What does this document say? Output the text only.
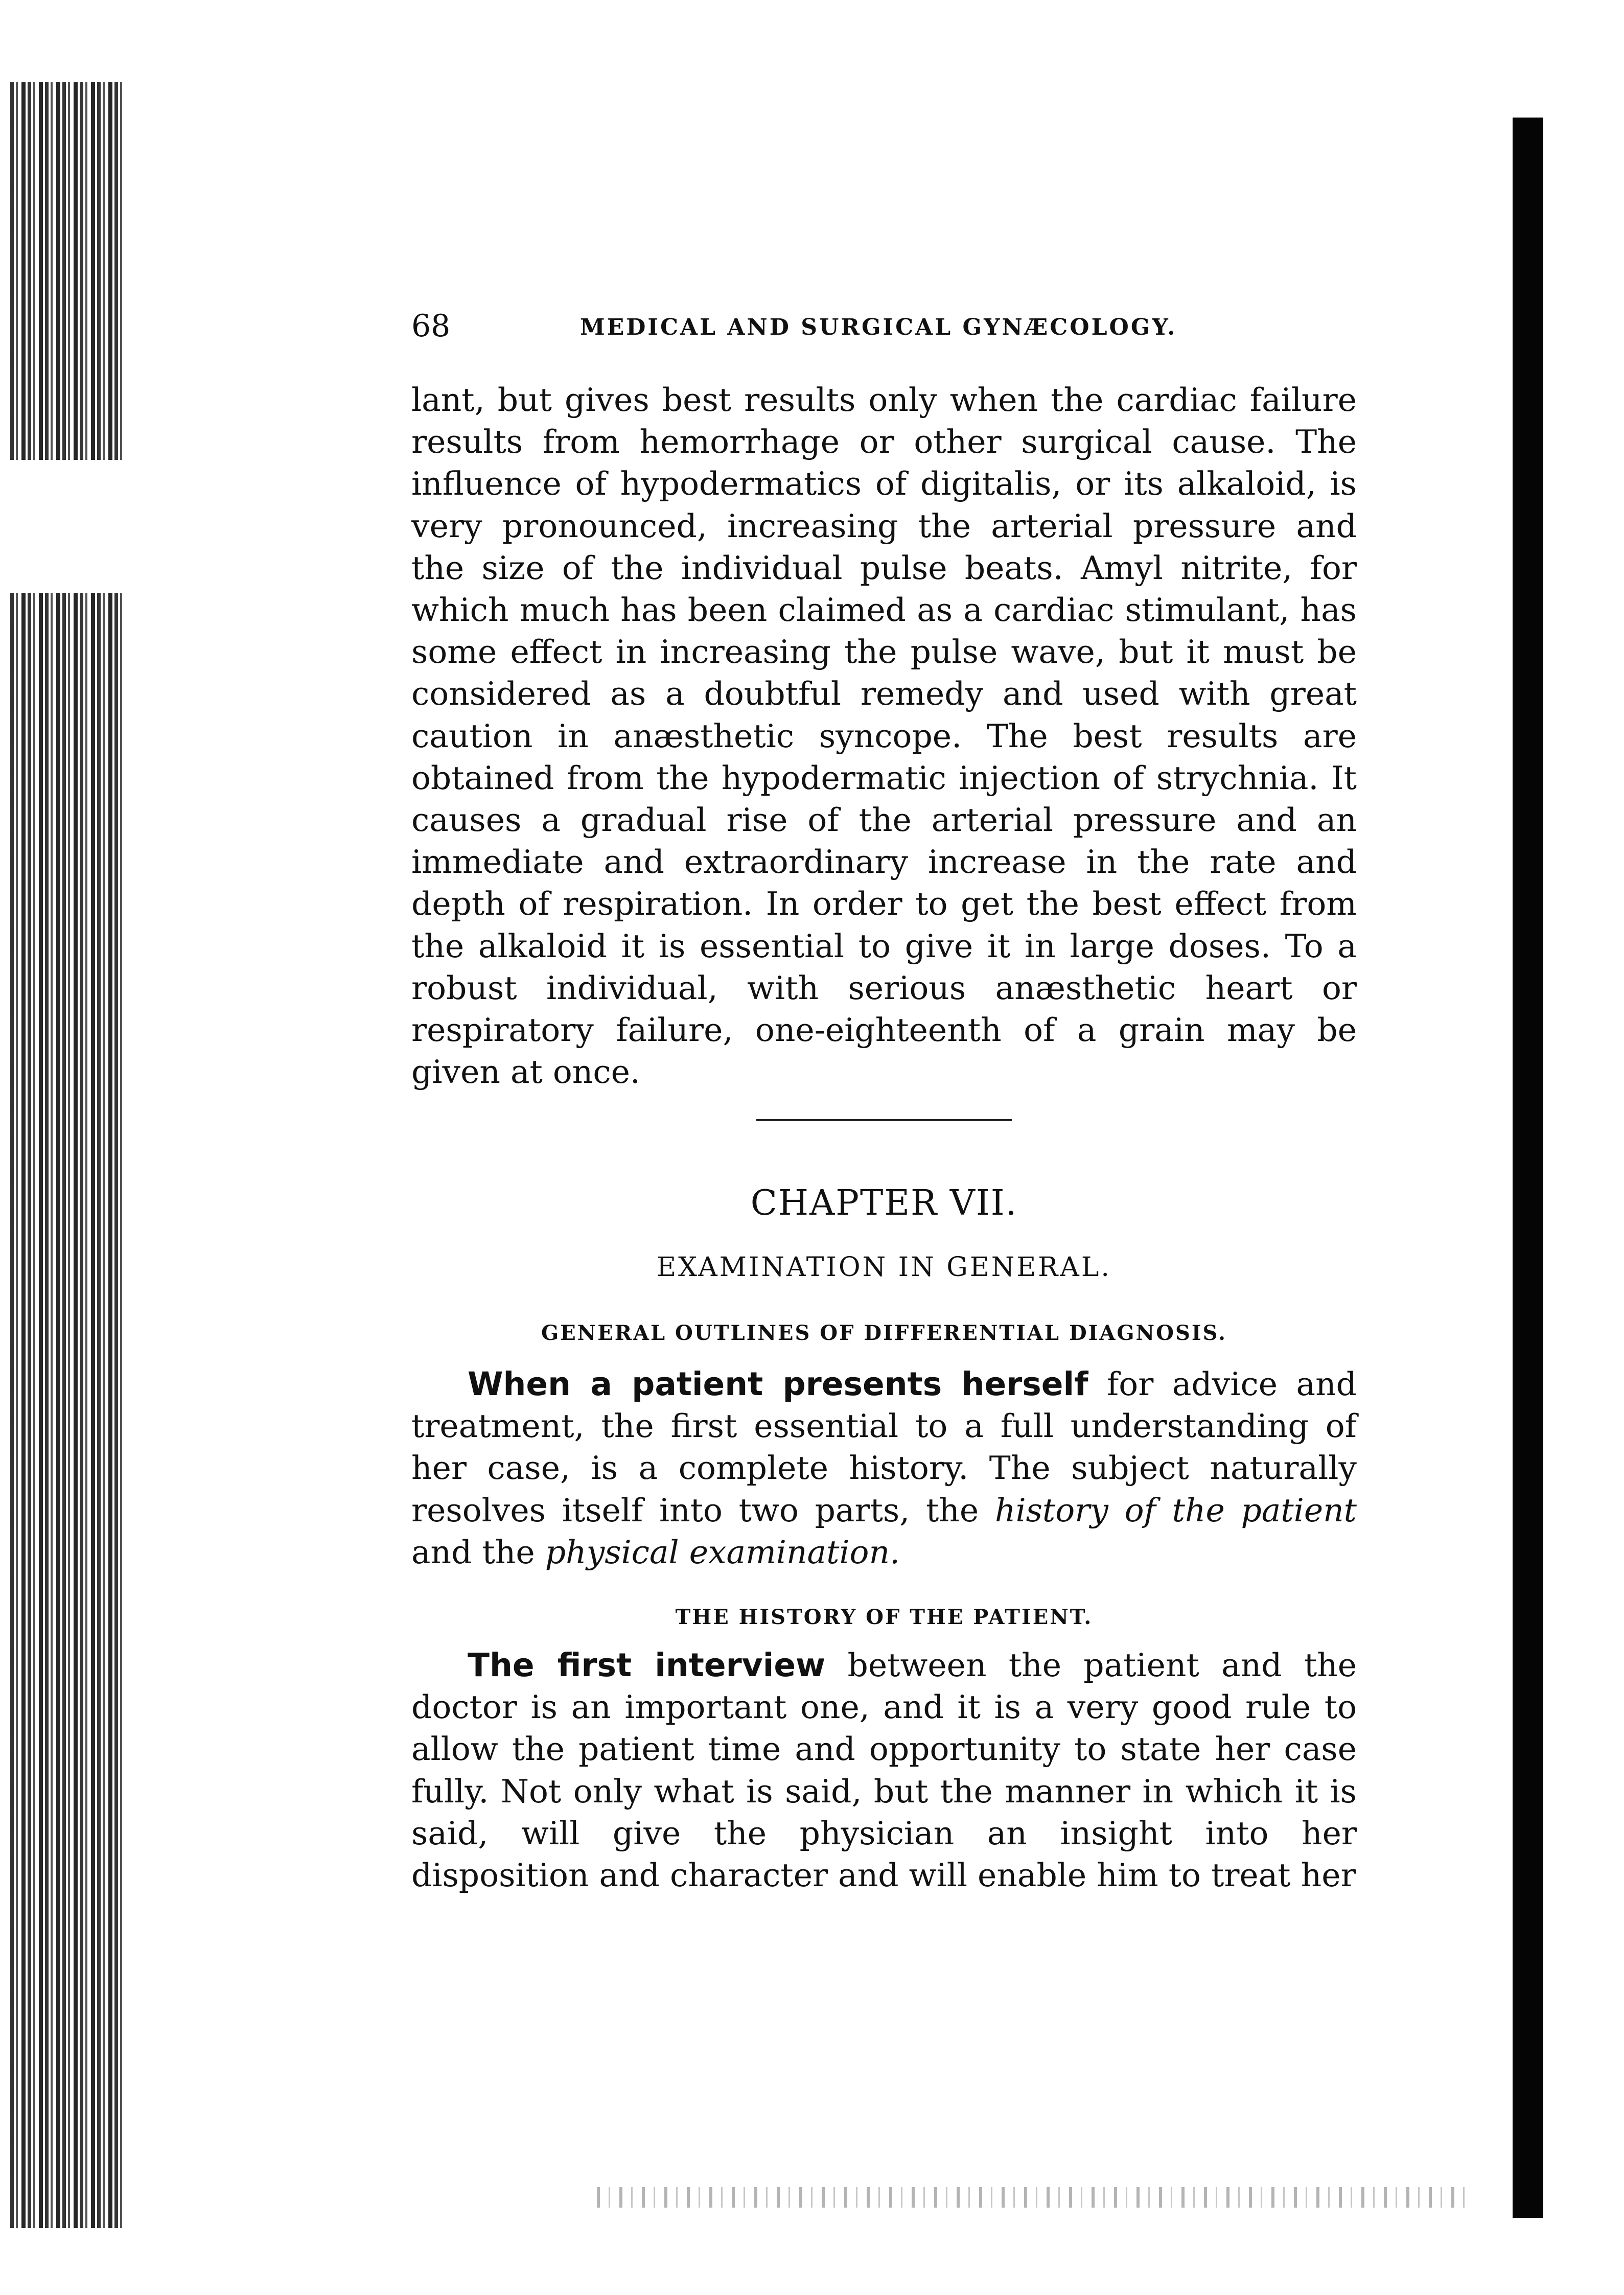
68	MEDICAL AND SURGICAL GYNÆCOLOGY.

lant, but gives best results only when the cardiac failure results from hemorrhage or other surgical cause. The influence of hypodermatics of digitalis, or its alkaloid, is very pronounced, increasing the arterial pressure and the size of the individual pulse beats. Amyl nitrite, for which much has been claimed as a cardiac stimulant, has some effect in increasing the pulse wave, but it must be considered as a doubtful remedy and used with great caution in anæsthetic syncope. The best results are obtained from the hypodermatic injection of strychnia. It causes a gradual rise of the arterial pressure and an immediate and extraordinary increase in the rate and depth of respiration. In order to get the best effect from the alkaloid it is essential to give it in large doses. To a robust individual, with serious anæsthetic heart or respiratory failure, one-eighteenth of a grain may be given at once.

CHAPTER VII.
EXAMINATION IN GENERAL.
GENERAL OUTLINES OF DIFFERENTIAL DIAGNOSIS.

When a patient presents herself for advice and treatment, the first essential to a full understanding of her case, is a complete history. The subject naturally resolves itself into two parts, the history of the patient and the physical examination.

THE HISTORY OF THE PATIENT.

The first interview between the patient and the doctor is an important one, and it is a very good rule to allow the patient time and opportunity to state her case fully. Not only what is said, but the manner in which it is said, will give the physician an insight into her disposition and character and will enable him to treat her
